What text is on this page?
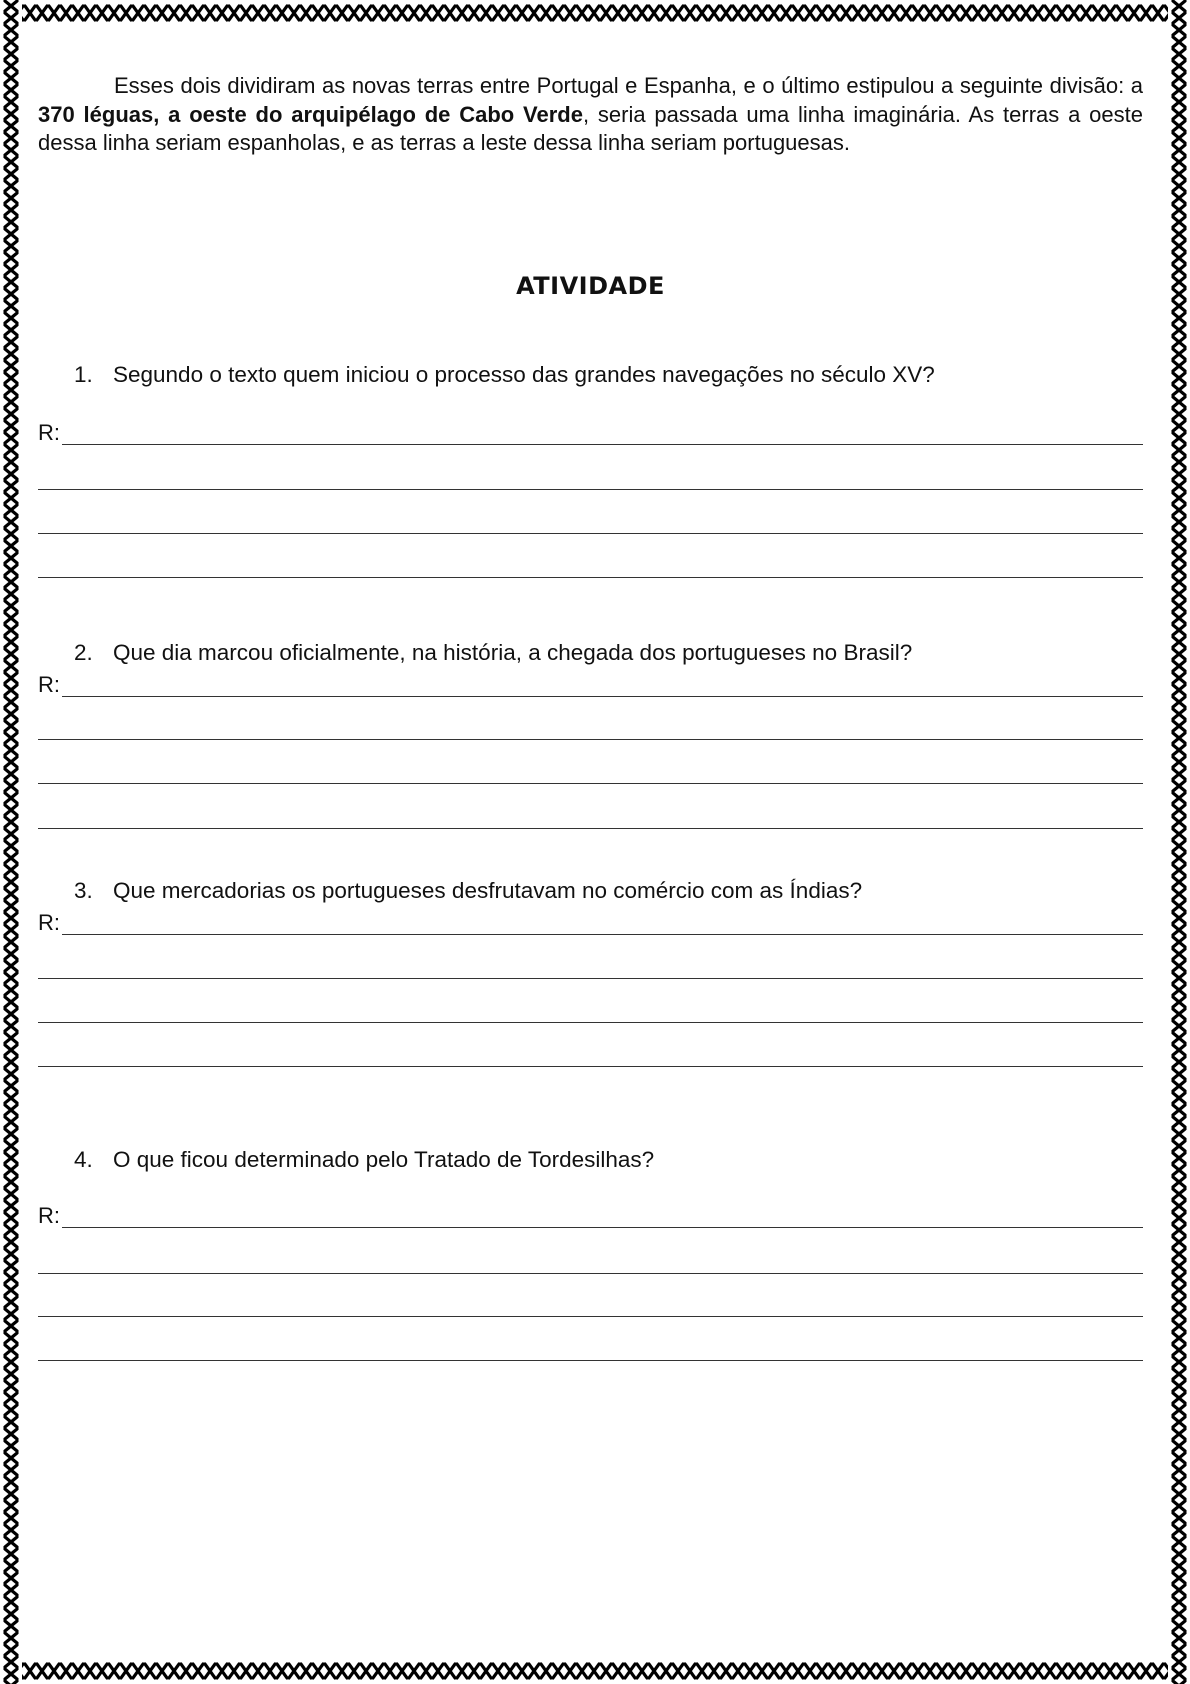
Esses dois dividiram as novas terras entre Portugal e Espanha, e o último estipulou a seguinte divisão: a 370 léguas, a oeste do arquipélago de Cabo Verde, seria passada uma linha imaginária. As terras a oeste dessa linha seriam espanholas, e as terras a leste dessa linha seriam portuguesas.

ATIVIDADE

1. Segundo o texto quem iniciou o processo das grandes navegações no século XV?

R:

2. Que dia marcou oficialmente, na história, a chegada dos portugueses no Brasil?

R:

3. Que mercadorias os portugueses desfrutavam no comércio com as Índias?

R:

4. O que ficou determinado pelo Tratado de Tordesilhas?

R:
